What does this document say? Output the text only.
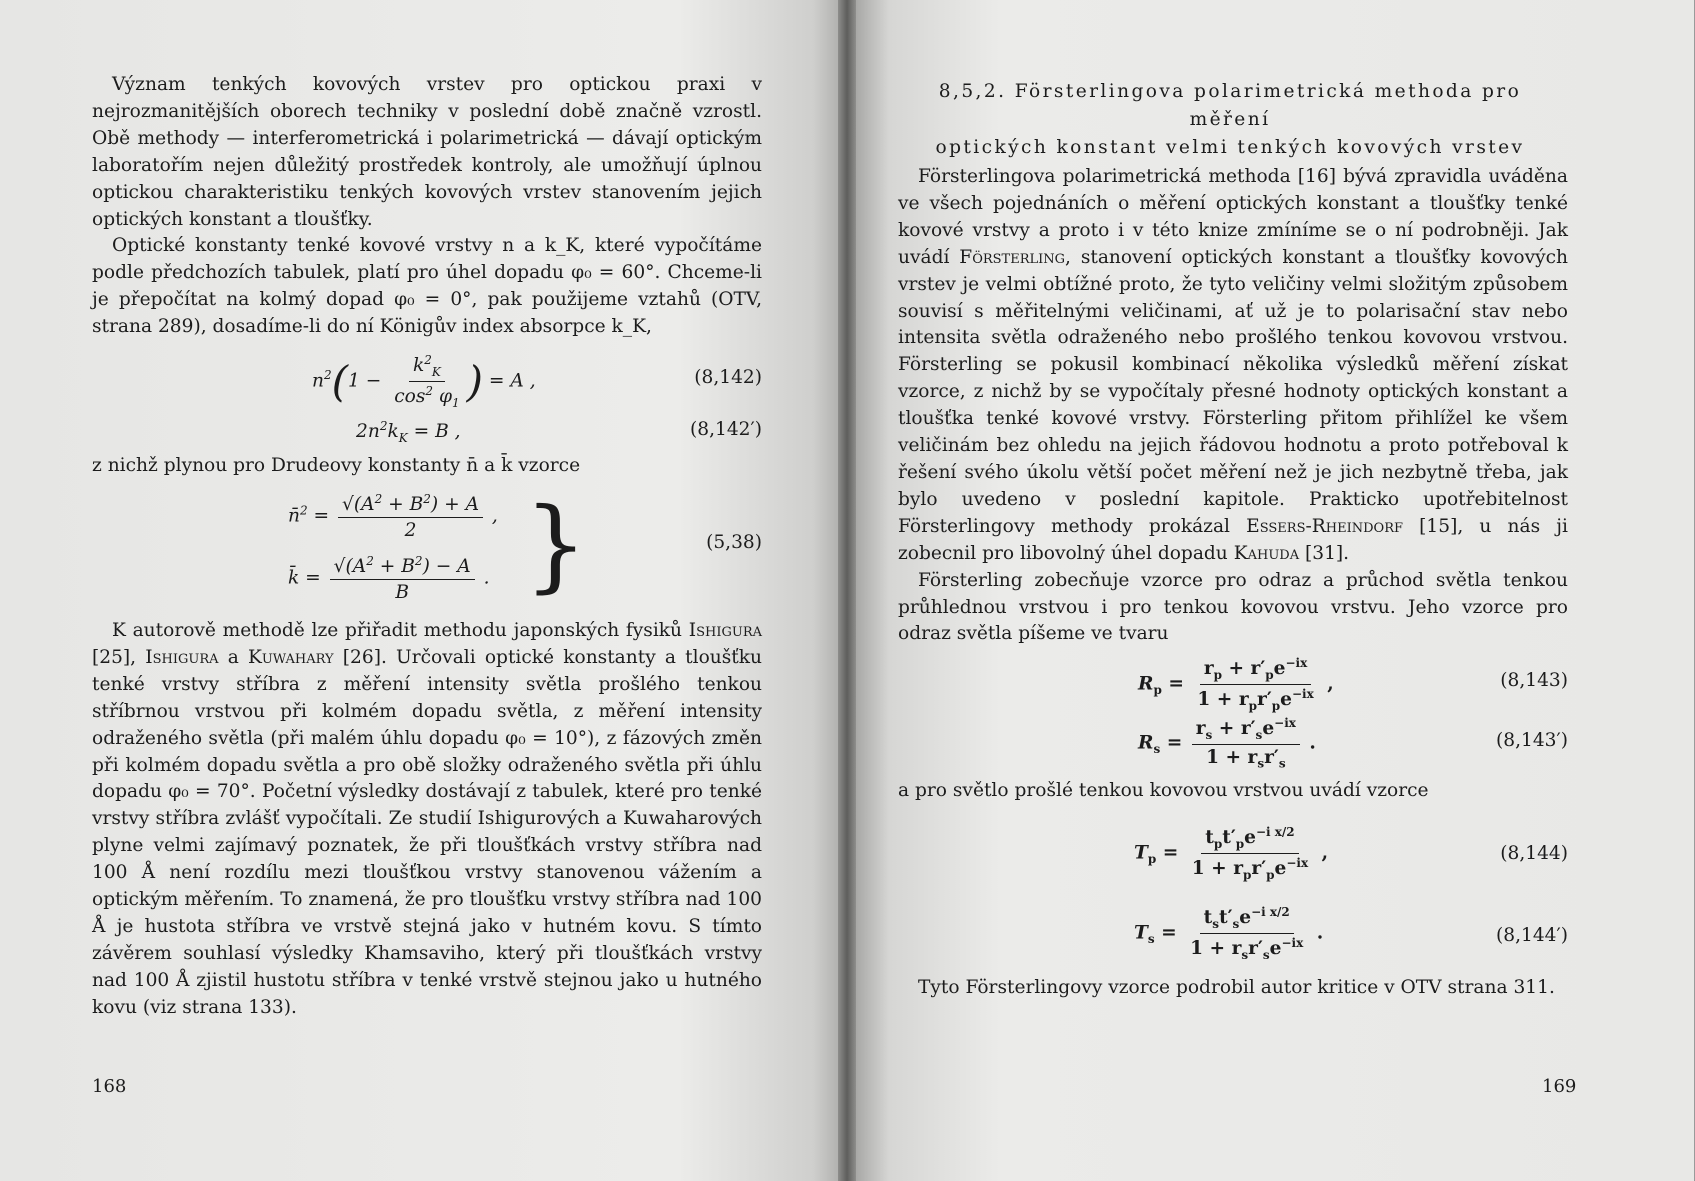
Význam tenkých kovových vrstev pro optickou praxi v nejrozmanitějších oborech techniky v poslední době značně vzrostl. Obě methody — interferometrická i polarimetrická — dávají optickým laboratořím nejen důležitý prostředek kontroly, ale umožňují úplnou optickou charakteristiku tenkých kovových vrstev stanovením jejich optických konstant a tloušťky.

Optické konstanty tenké kovové vrstvy n a k_K, které vypočítáme podle předchozích tabulek, platí pro úhel dopadu φ₀ = 60°. Chceme-li je přepočítat na kolmý dopad φ₀ = 0°, pak použijeme vztahů (OTV, strana 289), dosadíme-li do ní Königův index absorpce k_K,

$n^2(1 - \frac{k^2_K}{\cos^2 \varphi_1}$ ) = A ,	(8,142)
$2n^2k_K = B$ ,	(8,142′)

z nichž plynou pro Drudeovy konstanty n̄ a k̄ vzorce

n̄$^2$ = $\frac{√(A^2 + B^2) + A}{2}$ ,
k̄ = $\frac{√(A^2 + B^2) - A}{B}$ . }	(5,38)

K autorově methodě lze přiřadit methodu japonských fysiků Ishigura [25], Ishigura a Kuwahary [26]. Určovali optické konstanty a tloušťku tenké vrstvy stříbra z měření intensity světla prošlého tenkou stříbrnou vrstvou při kolmém dopadu světla, z měření intensity odraženého světla (při malém úhlu dopadu φ₀ = 10°), z fázových změn při kolmém dopadu světla a pro obě složky odraženého světla při úhlu dopadu φ₀ = 70°. Početní výsledky dostávají z tabulek, které pro tenké vrstvy stříbra zvlášť vypočítali. Ze studií Ishigurových a Kuwaharových plyne velmi zajímavý poznatek, že při tloušťkách vrstvy stříbra nad 100 Å není rozdílu mezi tloušťkou vrstvy stanovenou vážením a optickým měřením. To znamená, že pro tloušťku vrstvy stříbra nad 100 Å je hustota stříbra ve vrstvě stejná jako v hutném kovu. S tímto závěrem souhlasí výsledky Khamsaviho, který při tloušťkách vrstvy nad 100 Å zjistil hustotu stříbra v tenké vrstvě stejnou jako u hutného kovu (viz strana 133).

168
8,5,2. Försterlingova polarimetrická methoda pro měření
optických konstant velmi tenkých kovových vrstev

Försterlingova polarimetrická methoda [16] bývá zpravidla uváděna ve všech pojednáních o měření optických konstant a tloušťky tenké kovové vrstvy a proto i v této knize zmíníme se o ní podrobněji. Jak uvádí Försterling, stanovení optických konstant a tloušťky kovových vrstev je velmi obtížné proto, že tyto veličiny velmi složitým způsobem souvisí s měřitelnými veličinami, ať už je to polarisační stav nebo intensita světla odraženého nebo prošlého tenkou kovovou vrstvou. Försterling se pokusil kombinací několika výsledků měření získat vzorce, z nichž by se vypočítaly přesné hodnoty optických konstant a tloušťka tenké kovové vrstvy. Försterling přitom přihlížel ke všem veličinám bez ohledu na jejich řádovou hodnotu a proto potřeboval k řešení svého úkolu větší počet měření než je jich nezbytně třeba, jak bylo uvedeno v poslední kapitole. Prakticko upotřebitelnost Försterlingovy methody prokázal Essers-Rheindorf [15], u nás ji zobecnil pro libovolný úhel dopadu Kahuda [31].

Försterling zobecňuje vzorce pro odraz a průchod světla tenkou průhlednou vrstvou i pro tenkou kovovou vrstvu. Jeho vzorce pro odraz světla píšeme ve tvaru

$R_p = \frac{r_p + r'_pe^{-ix}}{1 + r_pr'_pe^{-ix}}$ ,	(8,143)
$R_s = \frac{r_s + r'_se^{-ix}}{1 + r_sr'_s}$ .	(8,143′)

a pro světlo prošlé tenkou kovovou vrstvou uvádí vzorce

$T_p = \frac{t_pt'_pe^{-i x/2}}{1 + r_pr'_pe^{-ix}}$ ,	(8,144)
$T_s = \frac{t_st'_se^{-i x/2}}{1 + r_sr'_se^{-ix}}$ .	(8,144′)

Tyto Försterlingovy vzorce podrobil autor kritice v OTV strana 311.

169
